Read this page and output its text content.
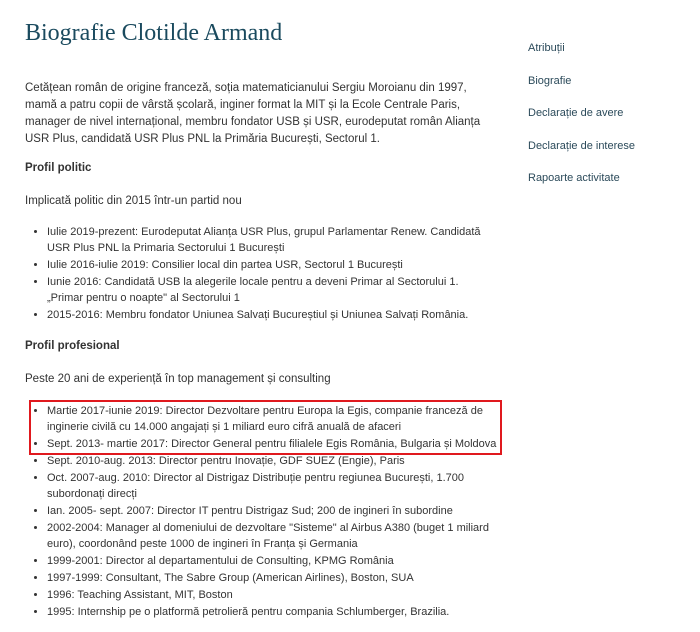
Biografie Clotilde Armand

Cetățean român de origine franceză, soția matematicianului Sergiu Moroianu din 1997, mamă a patru copii de vârstă școlară, inginer format la MIT și la Ecole Centrale Paris, manager de nivel internațional, membru fondator USB și USR, eurodeputat român Alianța USR Plus, candidată USR Plus PNL la Primăria București, Sectorul 1.

Profil politic

Implicată politic din 2015 într-un partid nou

• Iulie 2019-prezent: Eurodeputat Alianța USR Plus, grupul Parlamentar Renew. Candidată USR Plus PNL la Primaria Sectorului 1 București
• Iulie 2016-iulie 2019: Consilier local din partea USR, Sectorul 1 București
• Iunie 2016: Candidată USB la alegerile locale pentru a deveni Primar al Sectorului 1. „Primar pentru o noapte" al Sectorului 1
• 2015-2016: Membru fondator Uniunea Salvați Bucureștiul și Uniunea Salvați România.

Profil profesional

Peste 20 ani de experiență în top management și consulting

• Martie 2017-iunie 2019: Director Dezvoltare pentru Europa la Egis, companie franceză de inginerie civilă cu 14.000 angajați și 1 miliard euro cifră anuală de afaceri
• Sept. 2013- martie 2017: Director General pentru filialele Egis România, Bulgaria și Moldova
• Sept. 2010-aug. 2013: Director pentru Inovație, GDF SUEZ (Engie), Paris
• Oct. 2007-aug. 2010: Director al Distrigaz Distribuție pentru regiunea București, 1.700 subordonați direcți
• Ian. 2005- sept. 2007: Director IT pentru Distrigaz Sud; 200 de ingineri în subordine
• 2002-2004: Manager al domeniului de dezvoltare "Sisteme" al Airbus A380 (buget 1 miliard euro), coordonând peste 1000 de ingineri în Franța și Germania
• 1999-2001: Director al departamentului de Consulting, KPMG România
• 1997-1999: Consultant, The Sabre Group (American Airlines), Boston, SUA
• 1996: Teaching Assistant, MIT, Boston
• 1995: Internship pe o platformă petrolieră pentru compania Schlumberger, Brazilia.
Atribuții
Biografie
Declarație de avere
Declarație de interese
Rapoarte activitate
